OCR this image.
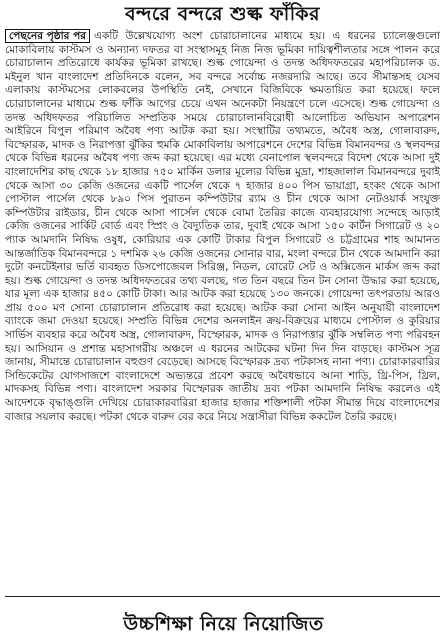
বন্দরে বন্দরে শুল্ক ফাঁকির
পেছনের পৃষ্ঠার পর একটি উল্লেখযোগ্য অংশ চোরাচালানের মাধ্যমে হয়। এ ধরনের চ্যালেঞ্জগুলো মোকাবিলায় কাস্টমস ও অন্যান্য দফতর বা সংস্থাসমূহ নিজ নিজ ভূমিকা দায়িত্বশীলতার সঙ্গে পালন করে চোরাচালান প্রতিরোধে কার্যকর ভূমিকা রাখছে। শুল্ক গোয়েন্দা ও তদন্ত অধিদফতরের মহাপরিচালক ড. মইনুল খান বাংলাদেশ প্রতিদিনকে বলেন, সব বন্দরে সর্বোচ্চ নজরদারি আছে। তবে সীমান্তসহ যেসব এলাকায় কাস্টমসের লোকবলের উপস্থিতি নেই, সেখানে বিজিবিকে ক্ষমতায়িত করা হয়েছে। ফলে চোরাচালানের মাধ্যমে শুল্ক ফাঁকি আগের চেয়ে এখন অনেকটা নিয়ন্ত্রণে চলে এসেছে। শুল্ক গোয়েন্দা ও তদন্ত অধিদফতর পরিচালিত সম্প্রতিক সময়ে চোরাচালানবিরোধী আলোচিত অভিযান অপারেশন আইরিনে বিপুল পরিমাণ অবৈধ পণ্য আটক করা হয়। সংস্থাটির তথ্যমতে, অবৈধ অস্ত্র, গোলাবারুদ, বিস্ফোরক, মাদক ও নিরাপত্তা ঝুঁকির হুমকি মোকাবিলায় অপারেশনে দেশের বিভিন্ন বিমানবন্দর ও স্থলবন্দর থেকে বিভিন্ন ধরনের অবৈধ পণ্য জব্দ করা হয়েছে। এর মধ্যে বেনাপোল স্থলবন্দরে বিদেশ থেকে আসা দুই বাংলাদেশির কাছ থেকে ১৮ হাজার ৭৫০ মার্কিন ডলার মূল্যের বিভিন্ন মুদ্রা, শাহজালাল বিমানবন্দরে দুবাই থেকে আসা ৩০ কেজি ওজনের একটি পার্সেল থেকে ৭ হাজার ৪০০ পিস ভায়াগ্রা, হংকং থেকে আসা পোস্টাল পার্সেল থেকে ৮৯০ পিস পুরাতন কম্পিউটার র‌্যাম ও চীন থেকে আসা নেটওয়ার্ক সংযুক্ত কম্পিউটার রাইডার, চীন থেকে আসা পার্সেল থেকে বোমা তৈরির কাজে ব্যবহারযোগ্য সন্দেহে আড়াই কেজি ওজনের সার্কিট বোর্ড এবং স্প্রিং ও বৈদ্যুতিক তার, দুবাই থেকে আসা ১৫০ কার্টন সিগারেট ও ২০ প্যাক আমদানি নিষিদ্ধ ওষুধ, কোরিয়ার এক কোটি টাকার বিপুল সিগারেট ও চট্টগ্রামের শাহ আমানত আন্তর্জাতিক বিমানবন্দরে ১ দশমিক ২৬ কেজি ওজনের সোনার বার, মংলা বন্দরে চীন থেকে আমদানি করা দুটো কনটেইনার ভর্তি ব্যবহৃত ডিসপোজেবল সিরিঞ্জ, নিডল, বোরেট সেট ও অক্সিজেন মার্কস জব্দ করা হয়। শুল্ক গোয়েন্দা ও তদন্ত অধিদফতরের তথ্য বলছে, গত তিন বছরে তিন টন সোনা উদ্ধার করা হয়েছে, যার মূল্য এক হাজার ৪৫০ কোটি টাকা। আর আটক করা হয়েছে ১৩০ জনকে। গোয়েন্দা তৎপরতায় আরও প্রায় ৫০০ মণ সোনা চোরাচালান প্রতিরোধ করা হয়েছে। আটক করা সোনা আইন অনুযায়ী বাংলাদেশ ব্যাংকে জমা দেওয়া হয়েছে। সম্প্রতি বিভিন্ন দেশের অনলাইন ক্রয়-বিক্রয়ের মাধ্যমে পোস্টাল ও কুরিয়ার সার্ভিস ব্যবহার করে অবৈধ অস্ত্র, গোলাবারুদ, বিস্ফোরক, মাদক ও নিরাপত্তার ঝুঁকি সম্বলিত পণ্য পরিবহন হয়। আসিয়ান ও প্রশান্ত মহাসাগরীয় অঞ্চলে এ ধরনের আটকের ঘটনা দিন দিন বাড়ছে। কাস্টমস সূত্র জানায়, সীমান্তে চোরাচালান বহুগুণ বেড়েছে। আসছে বিস্ফোরক দ্রব্য পটকাসহ নানা পণ্য। চোরাকারবারির সিন্ডিকেটের যোগসাজশে বাংলাদেশে অভ্যন্তরে প্রবেশ করছে অবৈধভাবে আনা শাড়ি, থ্রি-পিস, থ্রিল, মাদকসহ বিভিন্ন পণ্য। বাংলাদেশ সরকার বিস্ফোরক জাতীয় দ্রব্য পটকা আমদানি নিষিদ্ধ করলেও এই আদেশকে বৃদ্ধাঙ্গুলি দেখিয়ে চোরাকারবারিরা হাজার হাজার শক্তিশালী পটকা সীমান্ত দিয়ে বাংলাদেশের বাজার সয়লাব করছে। পটকা থেকে বারুদ বের করে নিয়ে সন্ত্রাসীরা বিভিন্ন ককটেল তৈরি করছে।
উচ্চশিক্ষা নিয়ে নিয়োজিত
